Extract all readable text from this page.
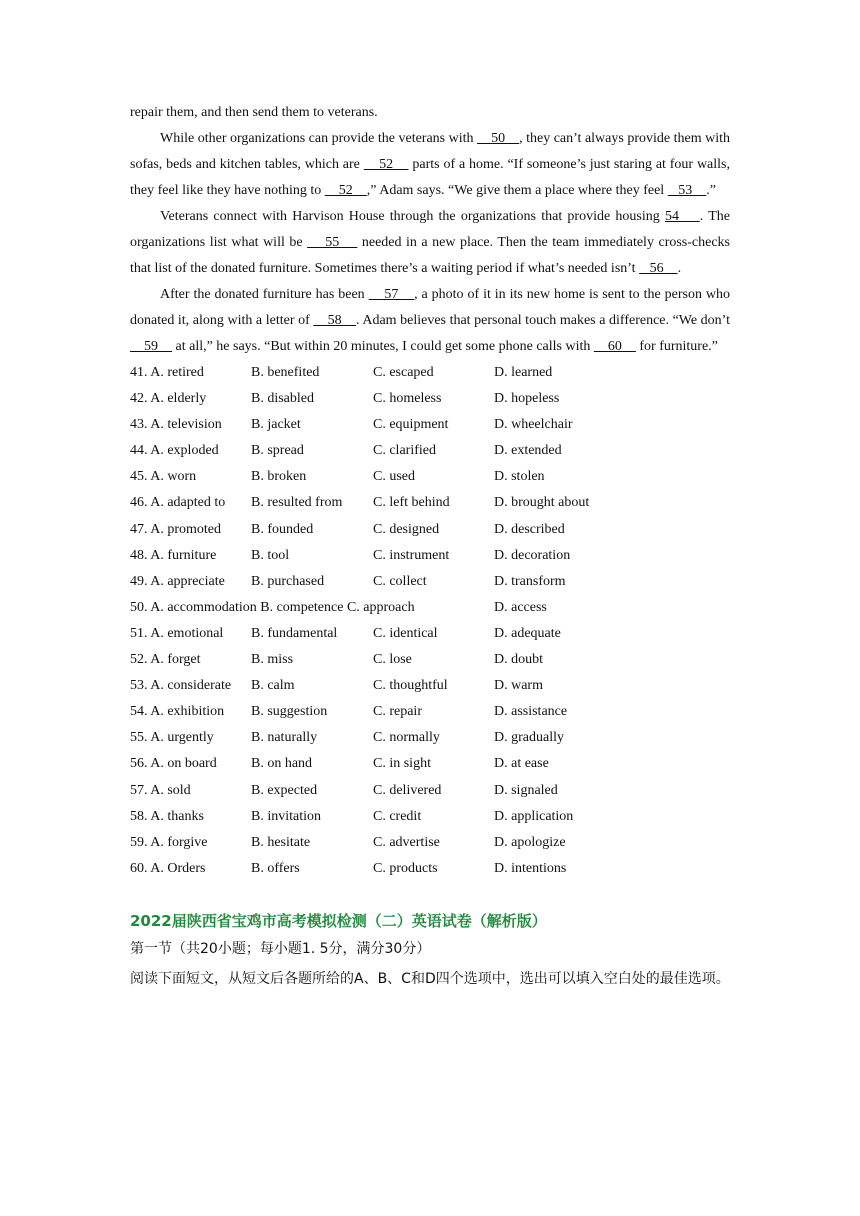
repair them, and then send them to veterans.

While other organizations can provide the veterans with     50    , they can’t always provide them with sofas, beds and kitchen tables, which are     52     parts of a home. “If someone’s just staring at four walls, they feel like they have nothing to     52    ,” Adam says. “We give them a place where they feel    53    .”

Veterans connect with Harvison House through the organizations that provide housing 54    . The organizations list what will be     55     needed in a new place. Then the team immediately cross-checks that list of the donated furniture. Sometimes there’s a waiting period if what’s needed isn’t    56    .

After the donated furniture has been     57    , a photo of it in its new home is sent to the person who donated it, along with a letter of     58    . Adam believes that personal touch makes a difference. “We don’t     59     at all,” he says. “But within 20 minutes, I could get some phone calls with     60     for furniture.”

41. A. retired	B. benefited	C. escaped	D. learned
42. A. elderly	B. disabled	C. homeless	D. hopeless
43. A. television B. jacket	C. equipment	D. wheelchair
44. A. exploded B. spread	C. clarified	D. extended
45. A. worn	B. broken	C. used	D. stolen
46. A. adapted to B. resulted from C. left behind	D. brought about
47. A. promoted B. founded	C. designed	D. described
48. A. furniture B. tool	C. instrument	D. decoration
49. A. appreciate B. purchased	C. collect	D. transform
50. A. accommodation B. competence C. approach	D. access
51. A. emotional B. fundamental	C. identical	D. adequate
52. A. forget	B. miss	C. lose	D. doubt
53. A. considerate B. calm	C. thoughtful	D. warm
54. A. exhibition B. suggestion	C. repair	D. assistance
55. A. urgently	B. naturally	C. normally	D. gradually
56. A. on board B. on hand	C. in sight	D. at ease
57. A. sold	B. expected	C. delivered	D. signaled
58. A. thanks	B. invitation	C. credit	D. application
59. A. forgive	B. hesitate	C. advertise	D. apologize
60. A. Orders	B. offers	C. products	D. intentions
2022届陕西省宝鸡市高考模拟检测（二）英语试卷（解析版）

第一节（共20小题；每小题1. 5分，满分30分）

阅读下面短文，从短文后各题所给的A、B、C和D四个选项中，选出可以填入空白处的最佳选项。
